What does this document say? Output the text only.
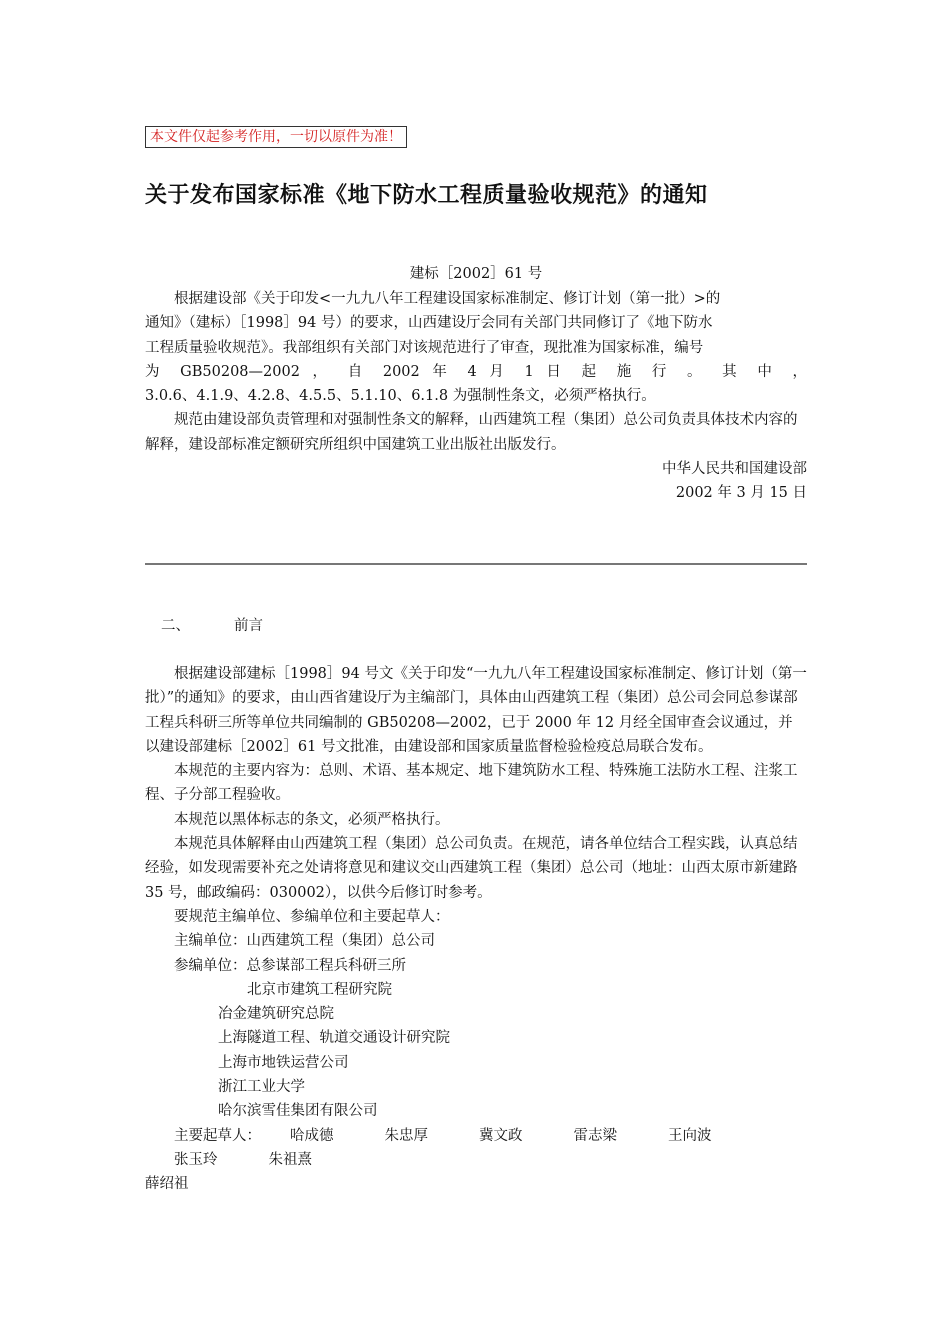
本文件仅起参考作用，一切以原件为准！
关于发布国家标准《地下防水工程质量验收规范》的通知
建标［2002］61 号

根据建设部《关于印发<一九九八年工程建设国家标准制定、修订计划（第一批）>的

通知》（建标）［1998］94 号）的要求，山西建设厅会同有关部门共同修订了《地下防水

工程质量验收规范》。我部组织有关部门对该规范进行了审查，现批准为国家标准，编号

为 GB50208—2002 ， 自 2002 年 4 月 1 日 起 施 行 。 其 中 ，

3.0.6、4.1.9、4.2.8、4.5.5、5.1.10、6.1.8 为强制性条文，必须严格执行。

规范由建设部负责管理和对强制性条文的解释，山西建筑工程（集团）总公司负责具体技术内容的解释，建设部标准定额研究所组织中国建筑工业出版社出版发行。

中华人民共和国建设部

2002 年 3 月 15 日

二、	前言

根据建设部建标［1998］94 号文《关于印发“一九九八年工程建设国家标准制定、修订计划（第一批）”的通知》的要求，由山西省建设厅为主编部门，具体由山西建筑工程（集团）总公司会同总参谋部工程兵科研三所等单位共同编制的 GB50208—2002，已于 2000 年 12 月经全国审查会议通过，并以建设部建标［2002］61 号文批准，由建设部和国家质量监督检验检疫总局联合发布。

本规范的主要内容为：总则、术语、基本规定、地下建筑防水工程、特殊施工法防水工程、注浆工程、子分部工程验收。

本规范以黑体标志的条文，必须严格执行。

本规范具体解释由山西建筑工程（集团）总公司负责。在规范，请各单位结合工程实践，认真总结经验，如发现需要补充之处请将意见和建议交山西建筑工程（集团）总公司（地址：山西太原市新建路 35 号，邮政编码：030002），以供今后修订时参考。

要规范主编单位、参编单位和主要起草人：

主编单位：山西建筑工程（集团）总公司

参编单位：总参谋部工程兵科研三所

北京市建筑工程研究院

冶金建筑研究总院

上海隧道工程、轨道交通设计研究院

上海市地铁运营公司

浙江工业大学

哈尔滨雪佳集团有限公司

主要起草人： 哈成德	朱忠厚	冀文政	雷志梁	王向波张玉玲	朱祖熹

薛绍祖
